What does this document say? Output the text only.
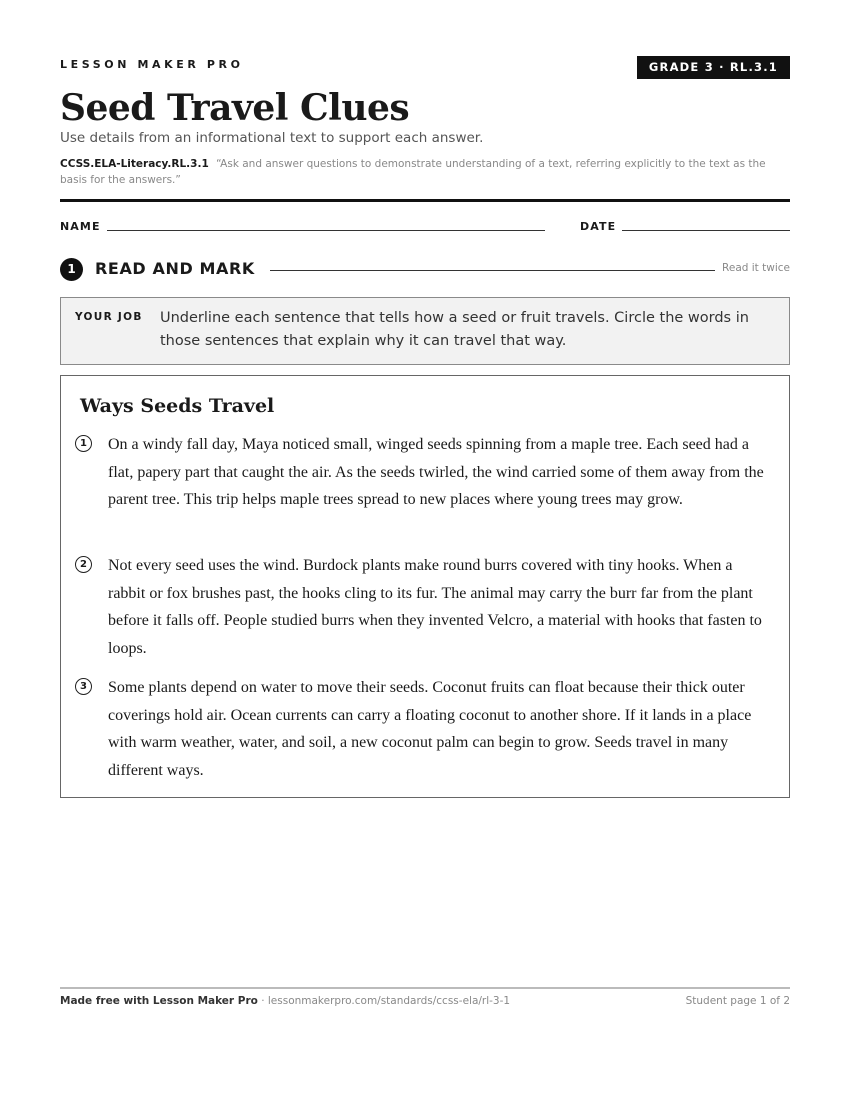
LESSON MAKER PRO	GRADE 3 · RL.3.1
Seed Travel Clues
Use details from an informational text to support each answer.
CCSS.ELA-Literacy.RL.3.1 “Ask and answer questions to demonstrate understanding of a text, referring explicitly to the text as the basis for the answers.”
NAME	DATE
1	READ AND MARK	Read it twice
YOUR JOB Underline each sentence that tells how a seed or fruit travels. Circle the words in those sentences that explain why it can travel that way.
Ways Seeds Travel
1	On a windy fall day, Maya noticed small, winged seeds spinning from a maple tree. Each seed had a flat, papery part that caught the air. As the seeds twirled, the wind carried some of them away from the parent tree. This trip helps maple trees spread to new places where young trees may grow.
2	Not every seed uses the wind. Burdock plants make round burrs covered with tiny hooks. When a rabbit or fox brushes past, the hooks cling to its fur. The animal may carry the burr far from the plant before it falls off. People studied burrs when they invented Velcro, a material with hooks that fasten to loops.
3	Some plants depend on water to move their seeds. Coconut fruits can float because their thick outer coverings hold air. Ocean currents can carry a floating coconut to another shore. If it lands in a place with warm weather, water, and soil, a new coconut palm can begin to grow. Seeds travel in many different ways.
Made free with Lesson Maker Pro · lessonmakerpro.com/standards/ccss-ela/rl-3-1	Student page 1 of 2
